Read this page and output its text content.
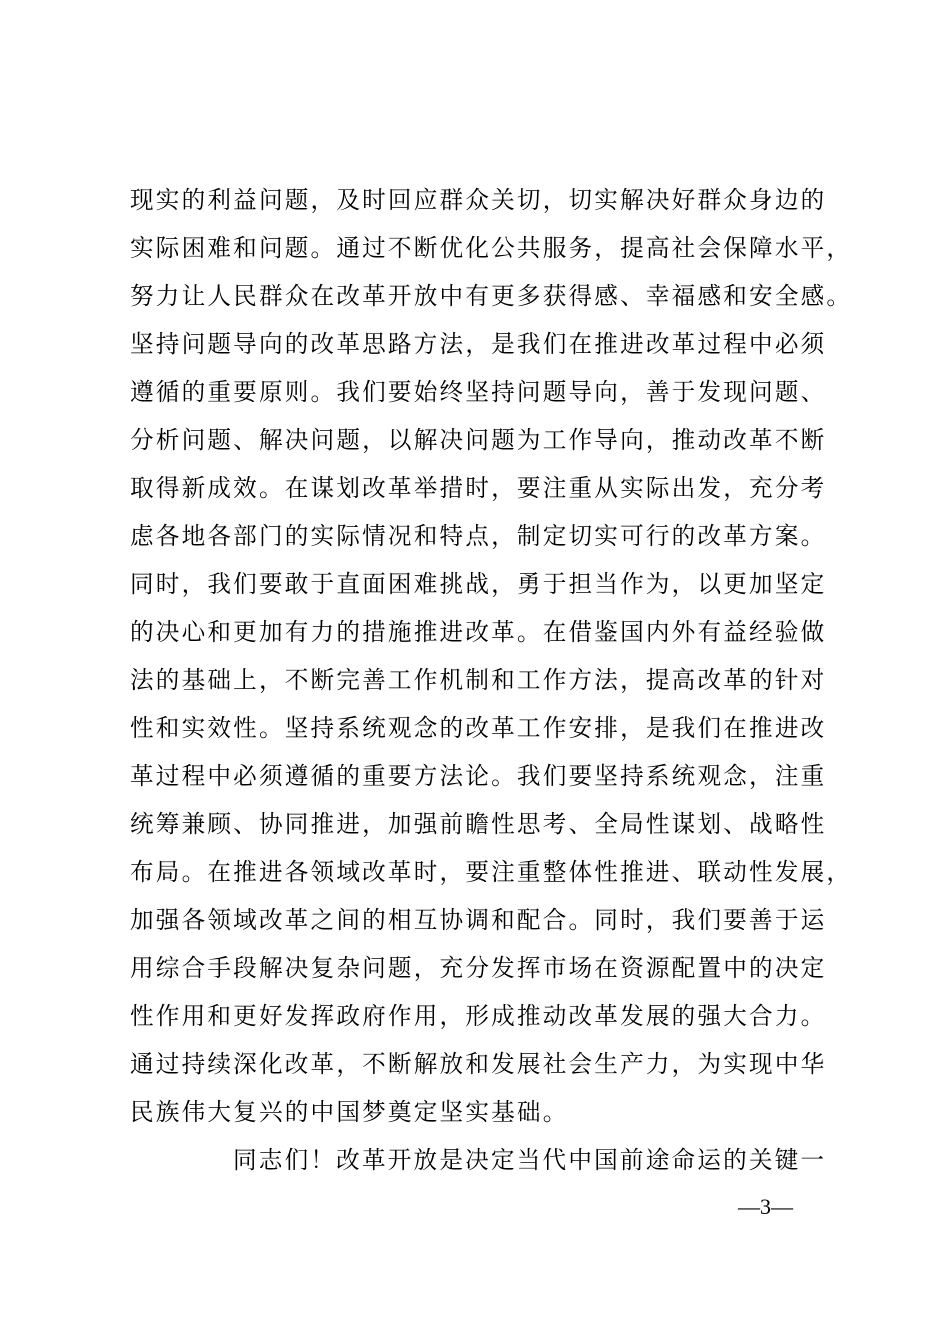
现实的利益问题，及时回应群众关切，切实解决好群众身边的
实际困难和问题。通过不断优化公共服务，提高社会保障水平，
努力让人民群众在改革开放中有更多获得感、幸福感和安全感。
坚持问题导向的改革思路方法，是我们在推进改革过程中必须
遵循的重要原则。我们要始终坚持问题导向，善于发现问题、
分析问题、解决问题，以解决问题为工作导向，推动改革不断
取得新成效。在谋划改革举措时，要注重从实际出发，充分考
虑各地各部门的实际情况和特点，制定切实可行的改革方案。
同时，我们要敢于直面困难挑战，勇于担当作为，以更加坚定
的决心和更加有力的措施推进改革。在借鉴国内外有益经验做
法的基础上，不断完善工作机制和工作方法，提高改革的针对
性和实效性。坚持系统观念的改革工作安排，是我们在推进改
革过程中必须遵循的重要方法论。我们要坚持系统观念，注重
统筹兼顾、协同推进，加强前瞻性思考、全局性谋划、战略性
布局。在推进各领域改革时，要注重整体性推进、联动性发展，
加强各领域改革之间的相互协调和配合。同时，我们要善于运
用综合手段解决复杂问题，充分发挥市场在资源配置中的决定
性作用和更好发挥政府作用，形成推动改革发展的强大合力。
通过持续深化改革，不断解放和发展社会生产力，为实现中华
民族伟大复兴的中国梦奠定坚实基础。
同志们！改革开放是决定当代中国前途命运的关键一
—3—
